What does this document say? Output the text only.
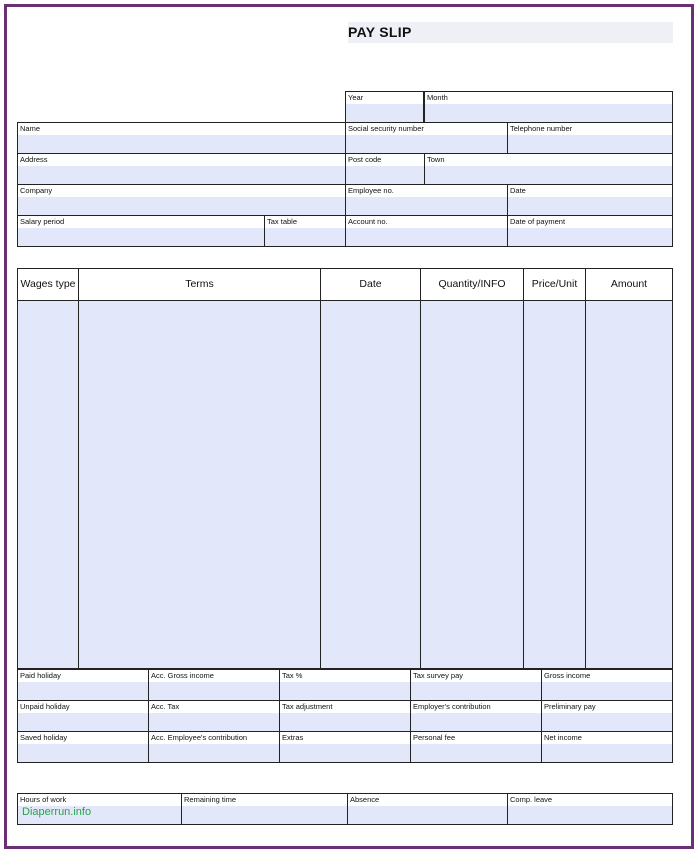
PAY SLIP
Year	Month
Name	Social security number	Telephone number
Address	Post code	Town
Company	Employee no.	Date
Salary period	Tax table	Account no.	Date of payment
Wages type	Terms	Date	Quantity/INFO	Price/Unit	Amount
Paid holiday	Acc. Gross income	Tax %	Tax survey pay	Gross income
Unpaid holiday	Acc. Tax	Tax adjustment	Employer's contribution	Preliminary pay
Saved holiday	Acc. Employee's contribution	Extras	Personal fee	Net income
Hours of work	Remaining time	Absence	Comp. leave
Diaperrun.info
